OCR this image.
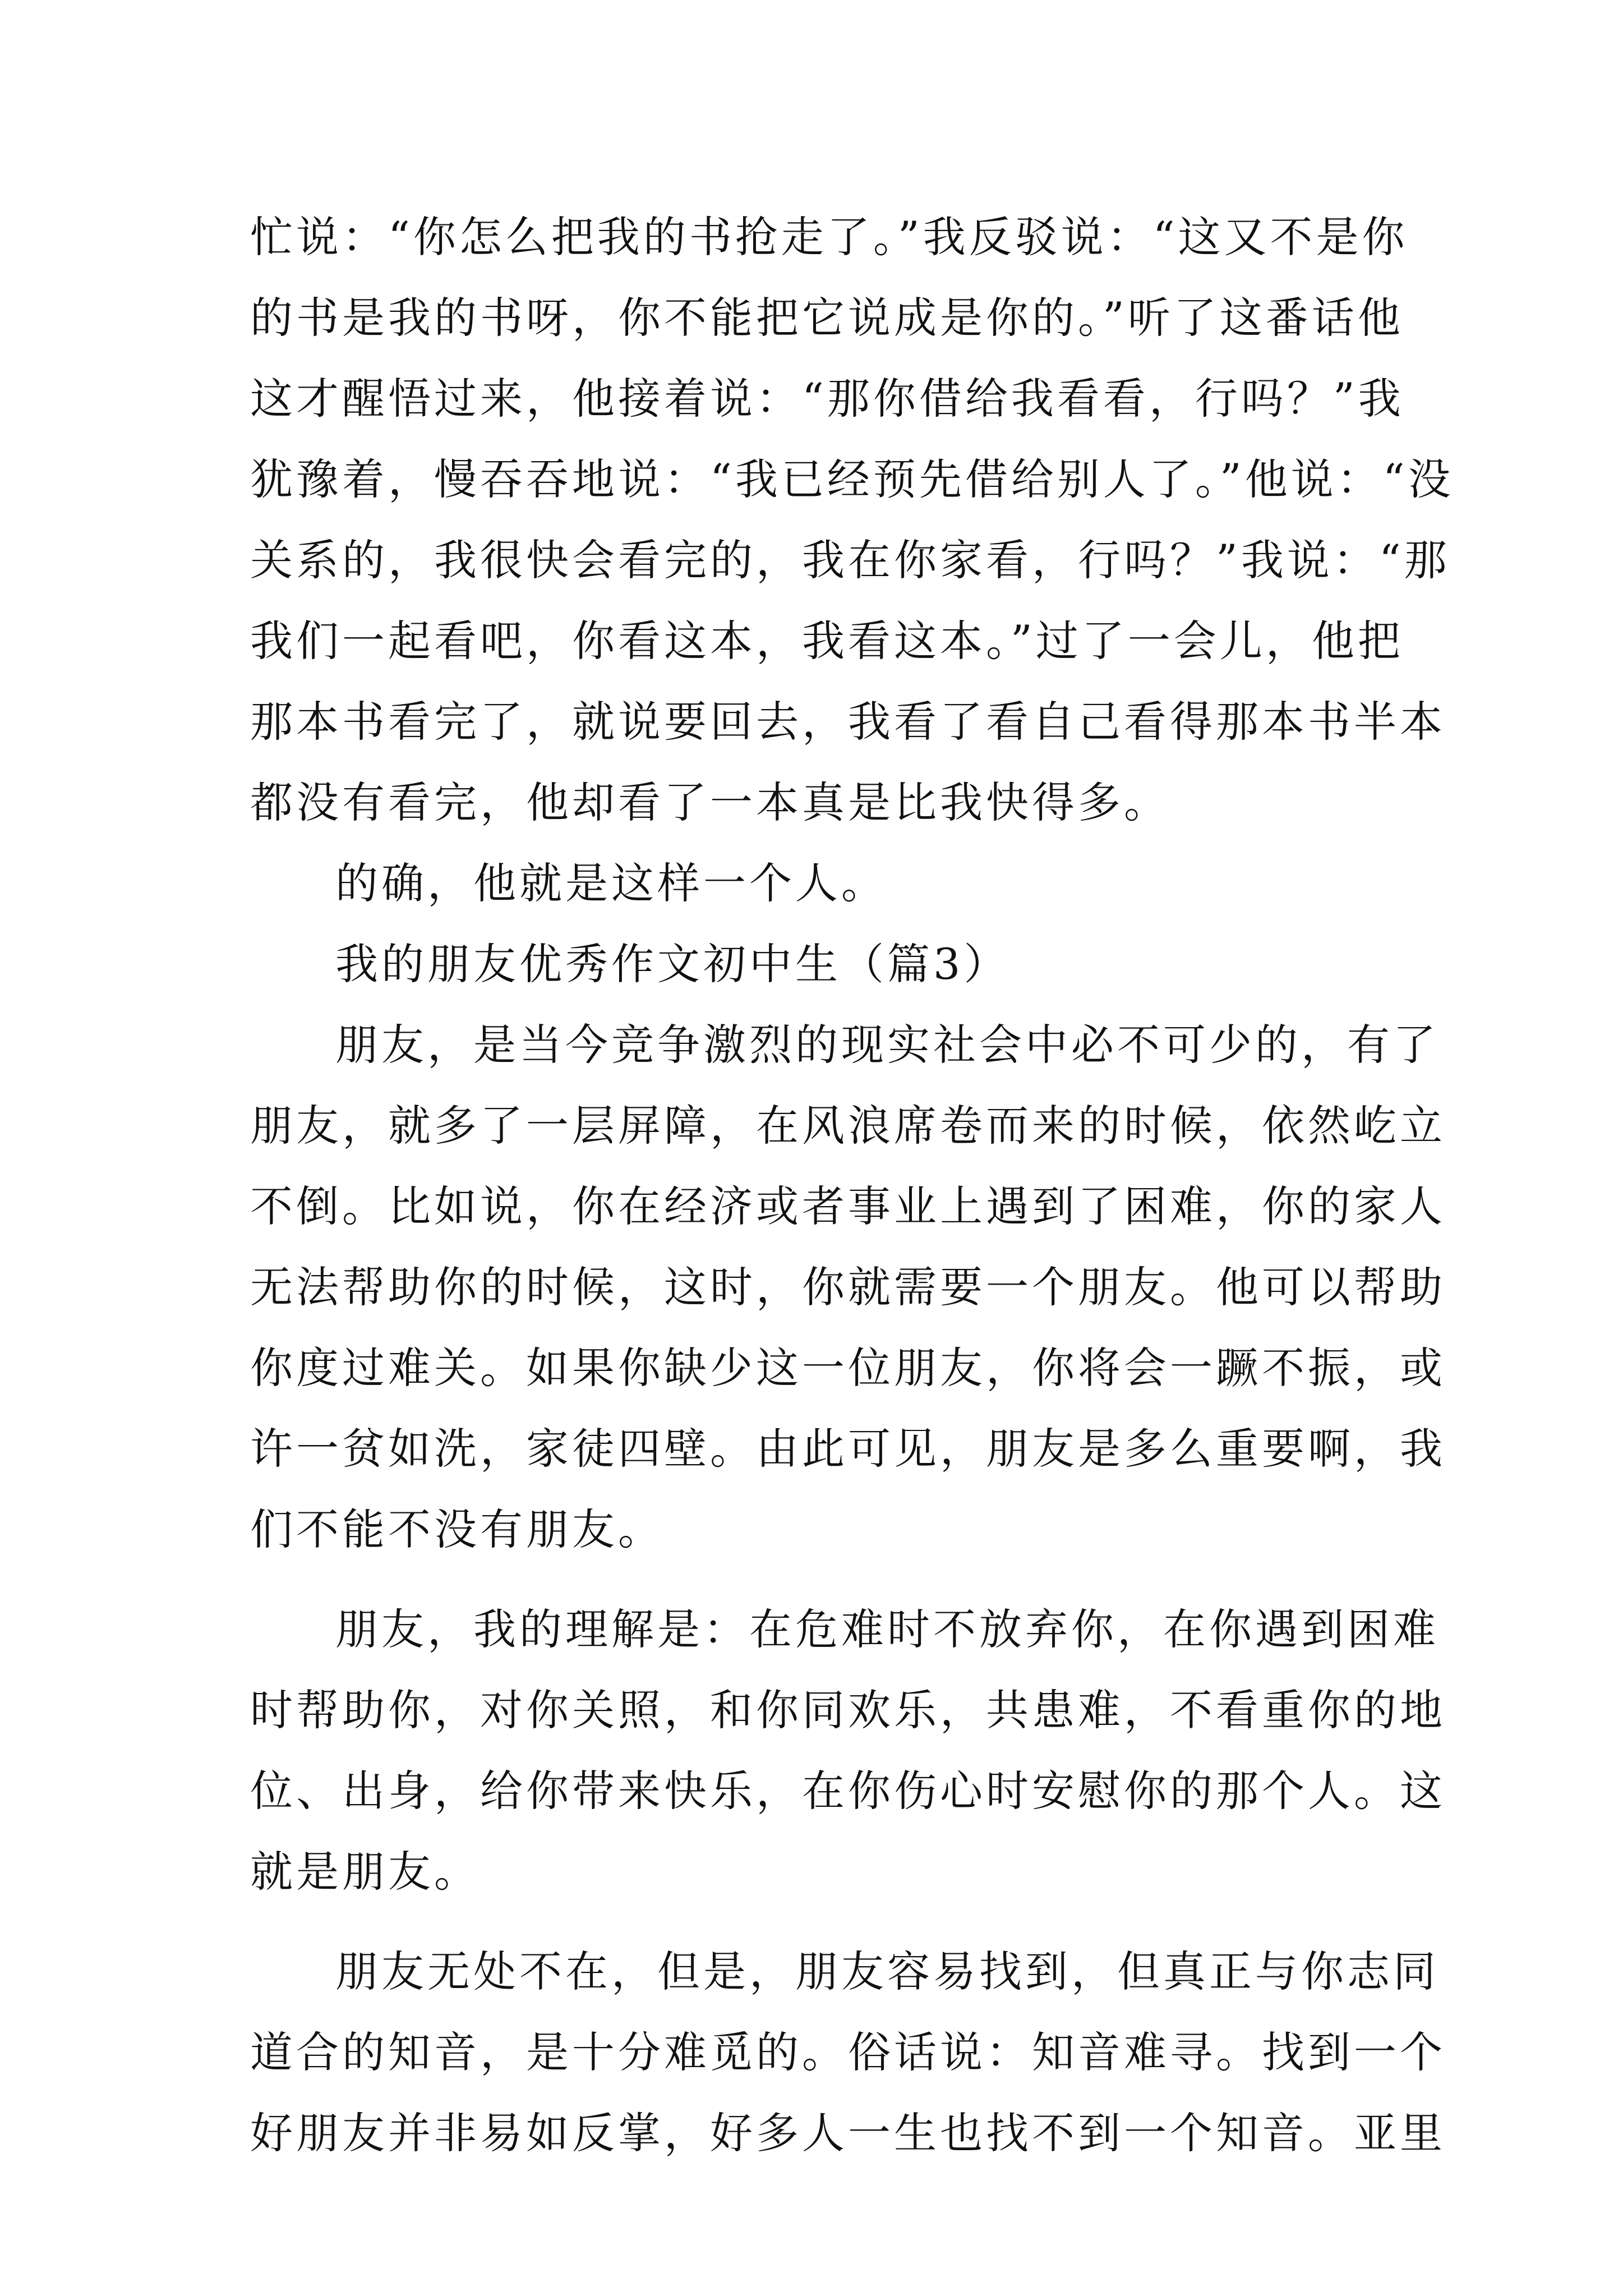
忙说：“你怎么把我的书抢走了。”我反驳说：“这又不是你
的书是我的书呀，你不能把它说成是你的。”听了这番话他
这才醒悟过来，他接着说：“那你借给我看看，行吗？”我
犹豫着，慢吞吞地说：“我已经预先借给别人了。”他说：“没
关系的，我很快会看完的，我在你家看，行吗？”我说：“那
我们一起看吧，你看这本，我看这本。”过了一会儿，他把
那本书看完了，就说要回去，我看了看自己看得那本书半本
都没有看完，他却看了一本真是比我快得多。
的确，他就是这样一个人。
我的朋友优秀作文初中生（篇3）
朋友，是当今竞争激烈的现实社会中必不可少的，有了
朋友，就多了一层屏障，在风浪席卷而来的时候，依然屹立
不倒。比如说，你在经济或者事业上遇到了困难，你的家人
无法帮助你的时候，这时，你就需要一个朋友。他可以帮助
你度过难关。如果你缺少这一位朋友，你将会一蹶不振，或
许一贫如洗，家徒四壁。由此可见，朋友是多么重要啊，我
们不能不没有朋友。
朋友，我的理解是：在危难时不放弃你，在你遇到困难
时帮助你，对你关照，和你同欢乐，共患难，不看重你的地
位、出身，给你带来快乐，在你伤心时安慰你的那个人。这
就是朋友。
朋友无处不在，但是，朋友容易找到，但真正与你志同
道合的知音，是十分难觅的。俗话说：知音难寻。找到一个
好朋友并非易如反掌，好多人一生也找不到一个知音。亚里
